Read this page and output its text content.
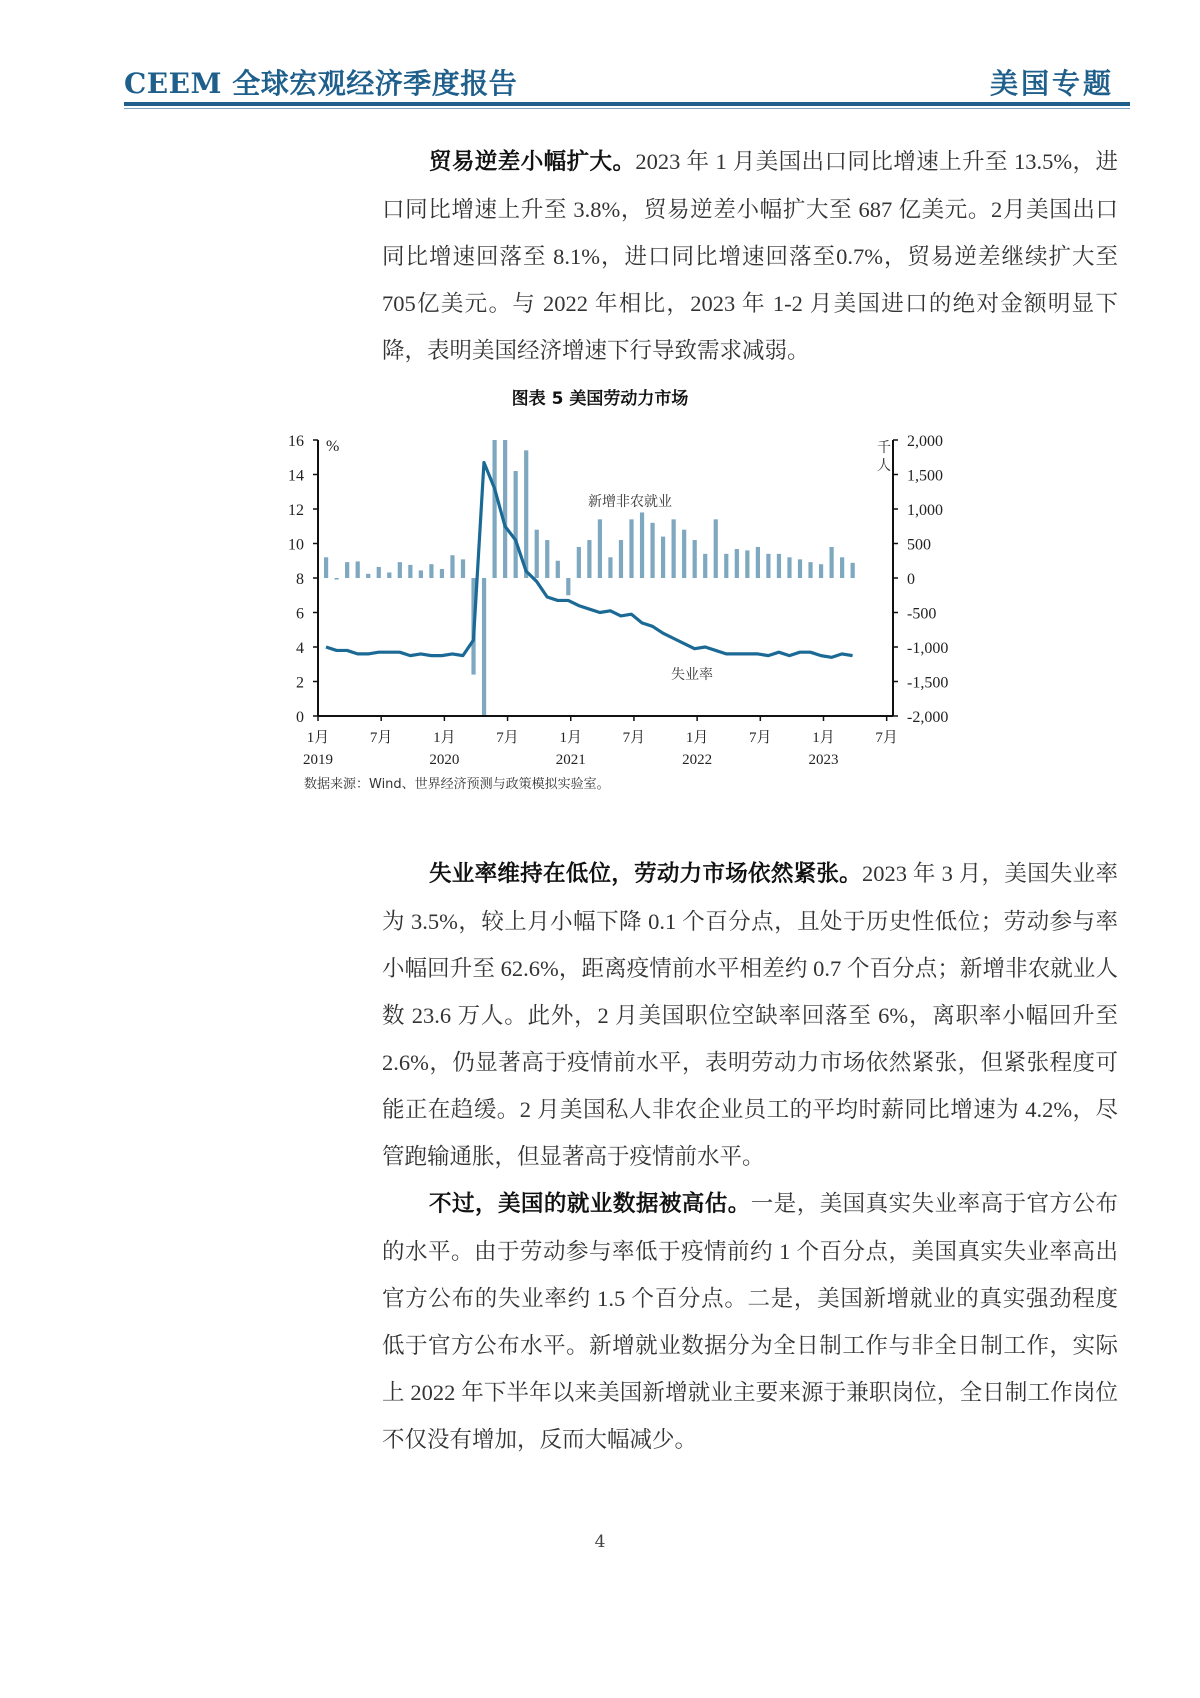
CEEM 全球宏观经济季度报告	美国专题

贸易逆差小幅扩大。2023 年 1 月美国出口同比增速上升至 13.5%，进口同比增速上升至 3.8%，贸易逆差小幅扩大至 687 亿美元。2月美国出口同比增速回落至 8.1%，进口同比增速回落至0.7%，贸易逆差继续扩大至705亿美元。与 2022 年相比，2023 年 1-2 月美国进口的绝对金额明显下降，表明美国经济增速下行导致需求减弱。

图表 5 美国劳动力市场
0
2
4
6
8
10
12
14
16 %
-2,000
-1,500
-1,000
-500
0
500
1,000
1,500
2,000
千
人
1月	7月	1月	7月	1月	7月	1月	7月	1月	7月
2019	2020	2021	2022	2023
新增非农就业
失业率
数据来源：Wind、世界经济预测与政策模拟实验室。

失业率维持在低位，劳动力市场依然紧张。2023 年 3 月，美国失业率为 3.5%，较上月小幅下降 0.1 个百分点，且处于历史性低位；劳动参与率小幅回升至 62.6%，距离疫情前水平相差约 0.7 个百分点；新增非农就业人数 23.6 万人。此外，2 月美国职位空缺率回落至 6%，离职率小幅回升至 2.6%，仍显著高于疫情前水平，表明劳动力市场依然紧张，但紧张程度可能正在趋缓。2 月美国私人非农企业员工的平均时薪同比增速为 4.2%，尽管跑输通胀，但显著高于疫情前水平。

不过，美国的就业数据被高估。一是，美国真实失业率高于官方公布的水平。由于劳动参与率低于疫情前约 1 个百分点，美国真实失业率高出官方公布的失业率约 1.5 个百分点。二是，美国新增就业的真实强劲程度低于官方公布水平。新增就业数据分为全日制工作与非全日制工作，实际上 2022 年下半年以来美国新增就业主要来源于兼职岗位，全日制工作岗位不仅没有增加，反而大幅减少。

4
